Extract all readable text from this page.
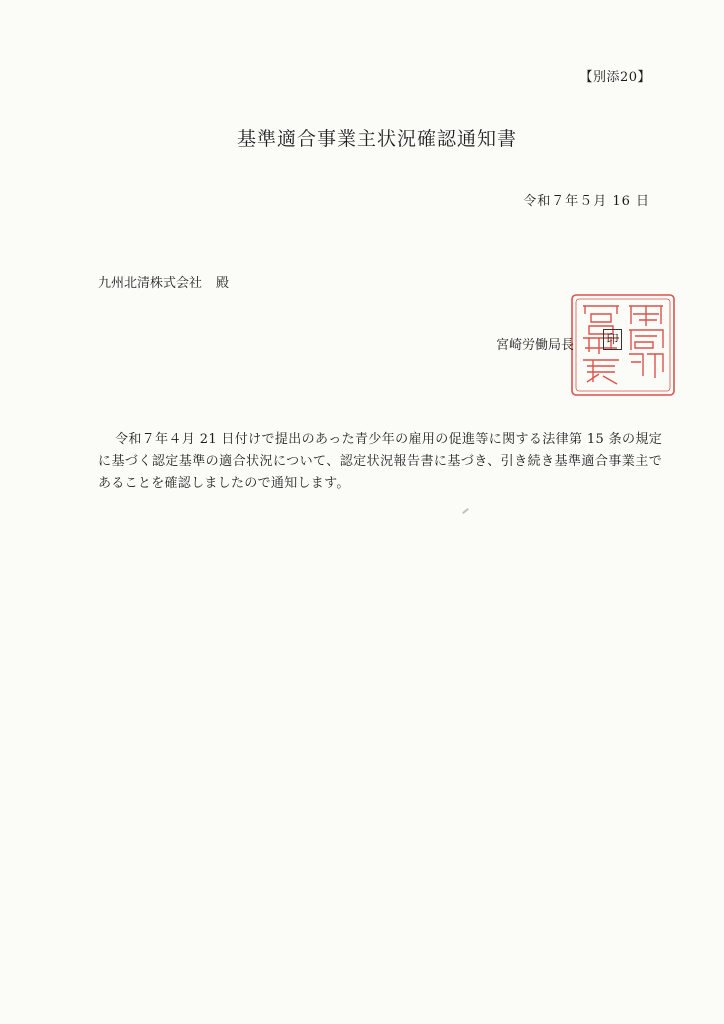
【別添20】
基準適合事業主状況確認通知書
令和７年５月 16 日
九州北清株式会社 殿
宮崎労働局長	印

令和７年４月 21 日付けで提出のあった青少年の雇用の促進等に関する法律第 15 条の規定に基づく認定基準の適合状況について、認定状況報告書に基づき、引き続き基準適合事業主であることを確認しましたので通知します。
